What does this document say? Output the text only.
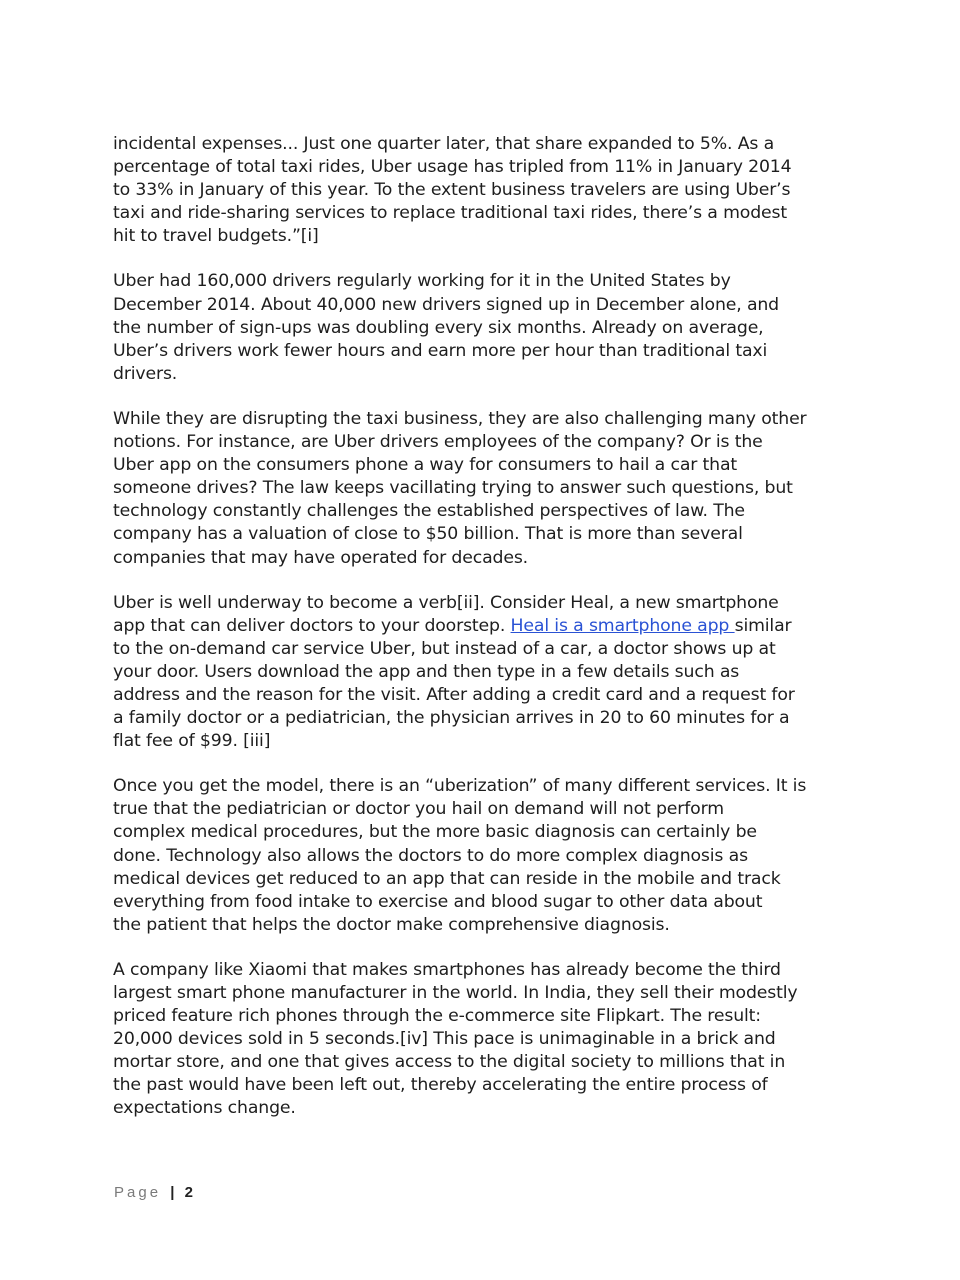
incidental expenses... Just one quarter later, that share expanded to 5%. As a
percentage of total taxi rides, Uber usage has tripled from 11% in January 2014
to 33% in January of this year. To the extent business travelers are using Uber’s
taxi and ride-sharing services to replace traditional taxi rides, there’s a modest
hit to travel budgets.”[i]

Uber had 160,000 drivers regularly working for it in the United States by
December 2014. About 40,000 new drivers signed up in December alone, and
the number of sign-ups was doubling every six months. Already on average,
Uber’s drivers work fewer hours and earn more per hour than traditional taxi
drivers.

While they are disrupting the taxi business, they are also challenging many other
notions. For instance, are Uber drivers employees of the company? Or is the
Uber app on the consumers phone a way for consumers to hail a car that
someone drives? The law keeps vacillating trying to answer such questions, but
technology constantly challenges the established perspectives of law. The
company has a valuation of close to $50 billion. That is more than several
companies that may have operated for decades.

Uber is well underway to become a verb[ii]. Consider Heal, a new smartphone
app that can deliver doctors to your doorstep. Heal is a smartphone app similar
to the on-demand car service Uber, but instead of a car, a doctor shows up at
your door. Users download the app and then type in a few details such as
address and the reason for the visit. After adding a credit card and a request for
a family doctor or a pediatrician, the physician arrives in 20 to 60 minutes for a
flat fee of $99. [iii]

Once you get the model, there is an “uberization” of many different services. It is
true that the pediatrician or doctor you hail on demand will not perform
complex medical procedures, but the more basic diagnosis can certainly be
done. Technology also allows the doctors to do more complex diagnosis as
medical devices get reduced to an app that can reside in the mobile and track
everything from food intake to exercise and blood sugar to other data about
the patient that helps the doctor make comprehensive diagnosis.

A company like Xiaomi that makes smartphones has already become the third
largest smart phone manufacturer in the world. In India, they sell their modestly
priced feature rich phones through the e-commerce site Flipkart. The result:
20,000 devices sold in 5 seconds.[iv] This pace is unimaginable in a brick and
mortar store, and one that gives access to the digital society to millions that in
the past would have been left out, thereby accelerating the entire process of
expectations change.

Page | 2
